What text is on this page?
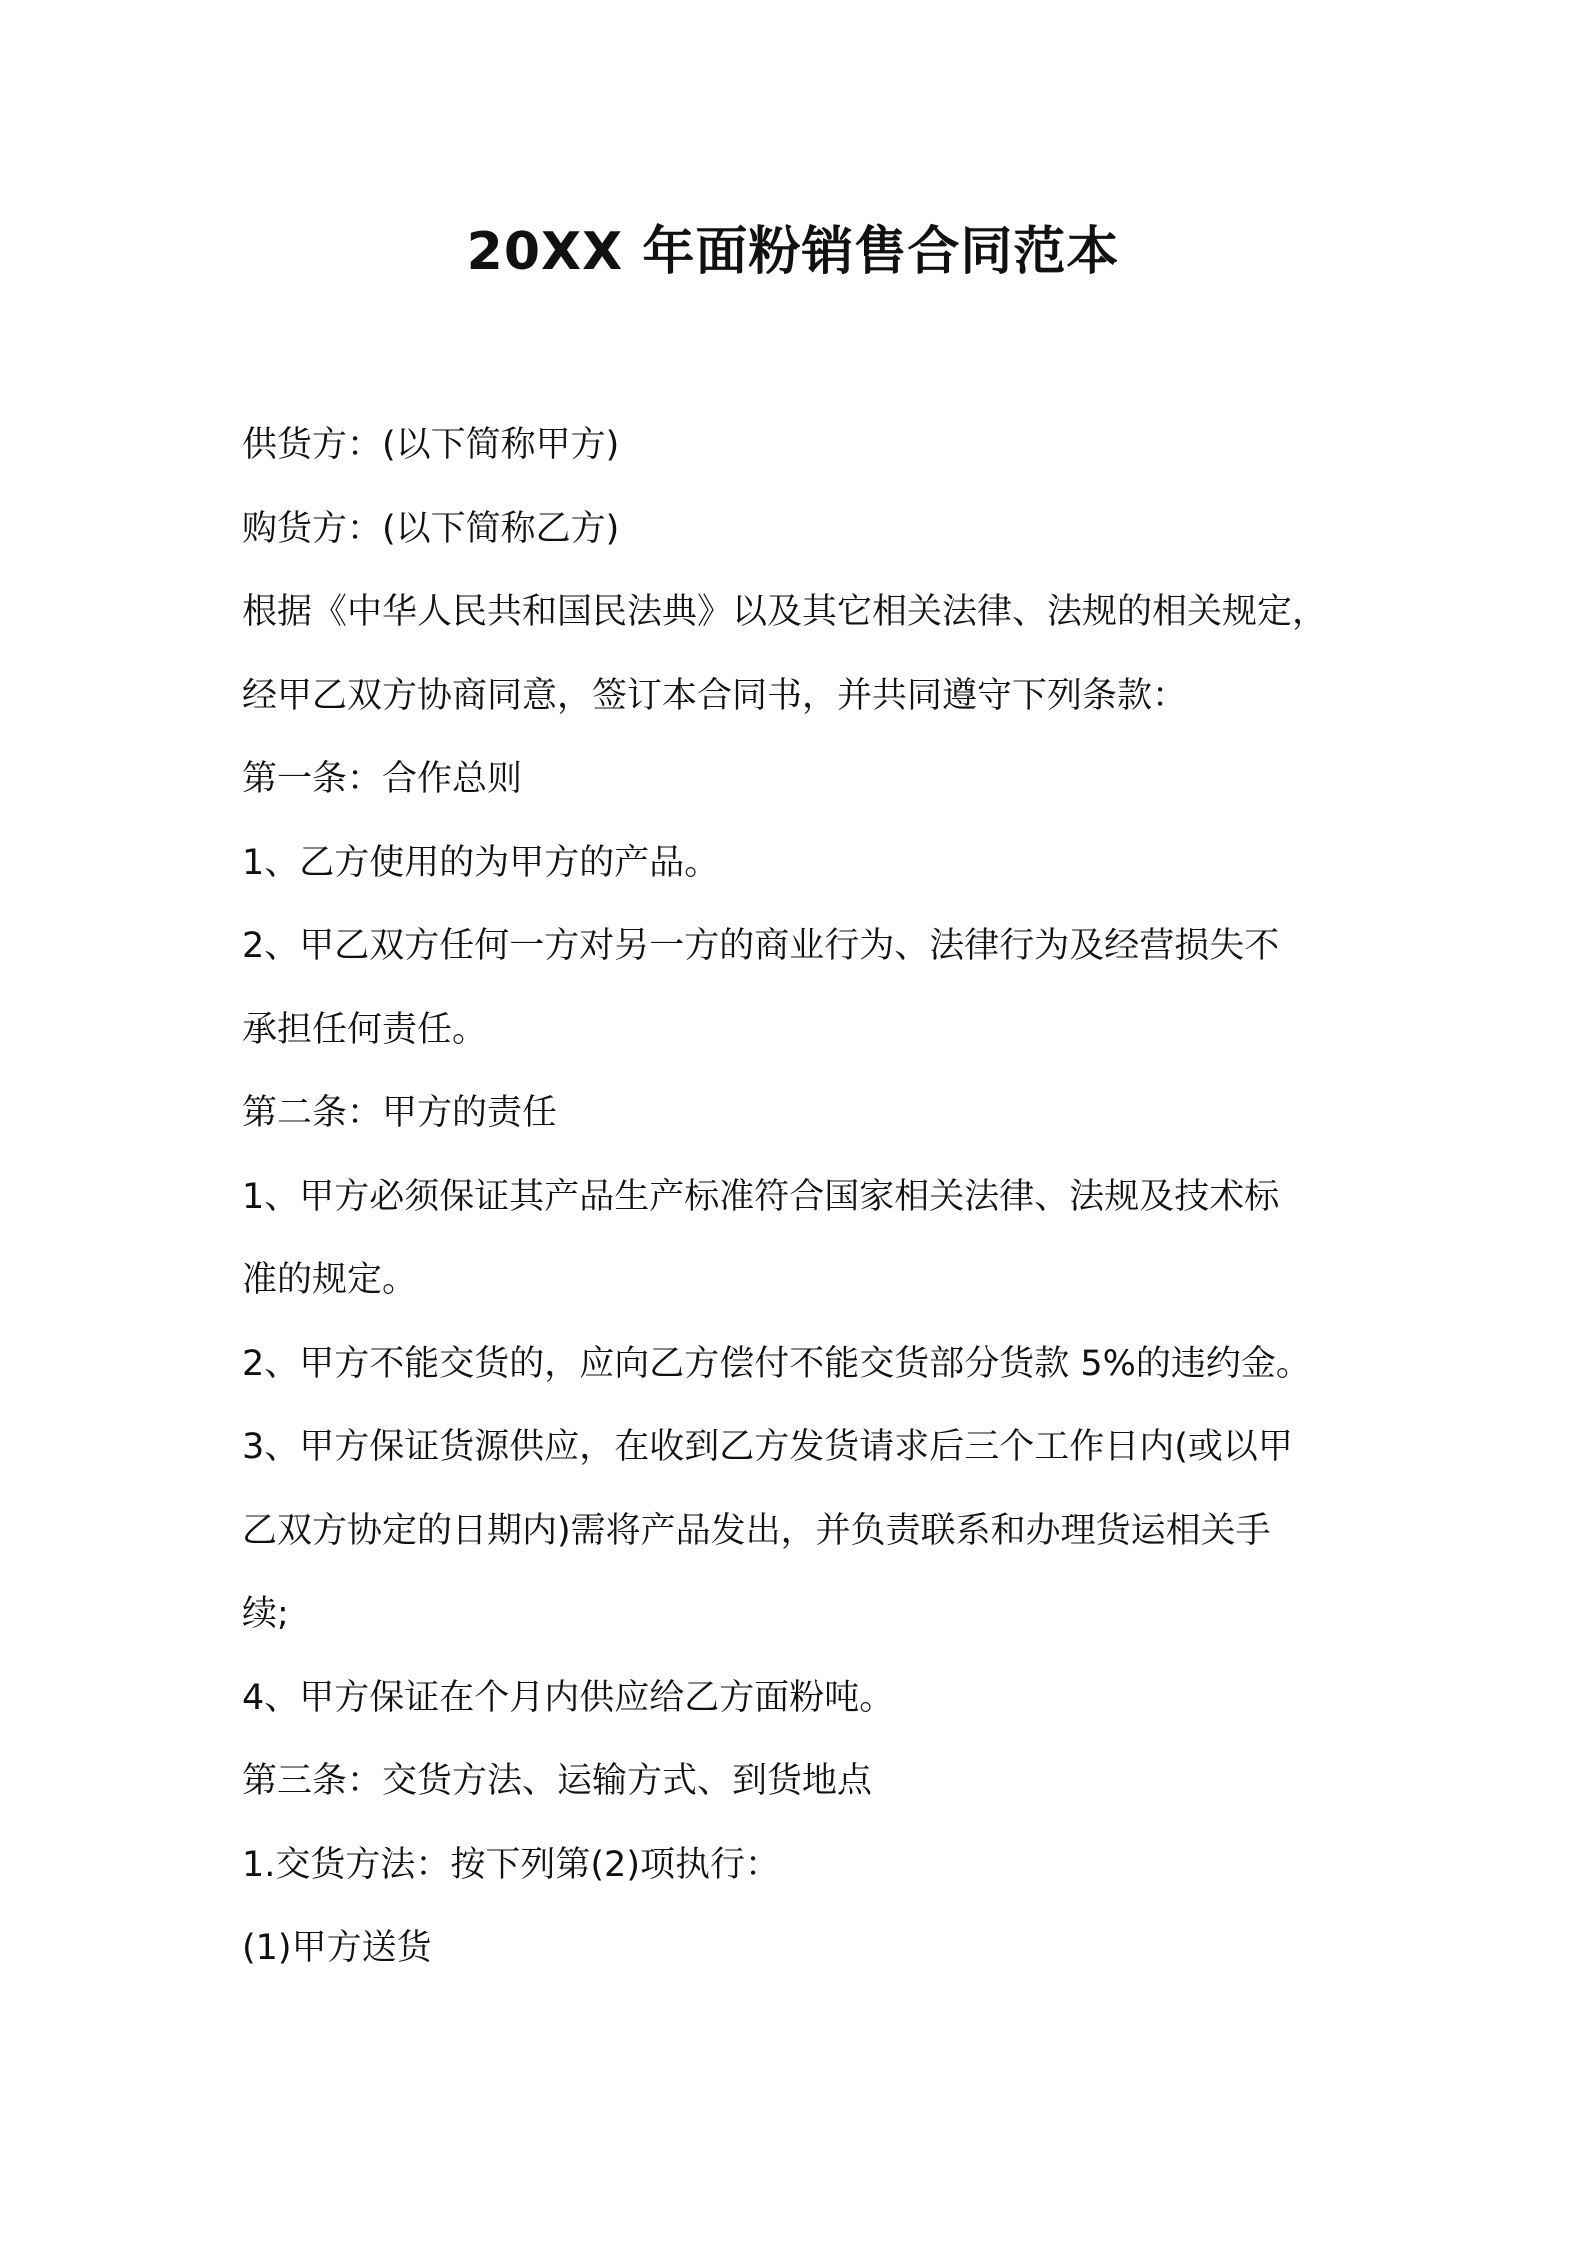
20XX 年面粉销售合同范本

供货方：(以下简称甲方)

购货方：(以下简称乙方)

根据《中华人民共和国民法典》以及其它相关法律、法规的相关规定，

经甲乙双方协商同意，签订本合同书，并共同遵守下列条款：

第一条：合作总则

1、乙方使用的为甲方的产品。

2、甲乙双方任何一方对另一方的商业行为、法律行为及经营损失不

承担任何责任。

第二条：甲方的责任

1、甲方必须保证其产品生产标准符合国家相关法律、法规及技术标

准的规定。

2、甲方不能交货的，应向乙方偿付不能交货部分货款 5%的违约金。

3、甲方保证货源供应，在收到乙方发货请求后三个工作日内(或以甲

乙双方协定的日期内)需将产品发出，并负责联系和办理货运相关手

续;

4、甲方保证在个月内供应给乙方面粉吨。

第三条：交货方法、运输方式、到货地点

1.交货方法：按下列第(2)项执行：

(1)甲方送货
